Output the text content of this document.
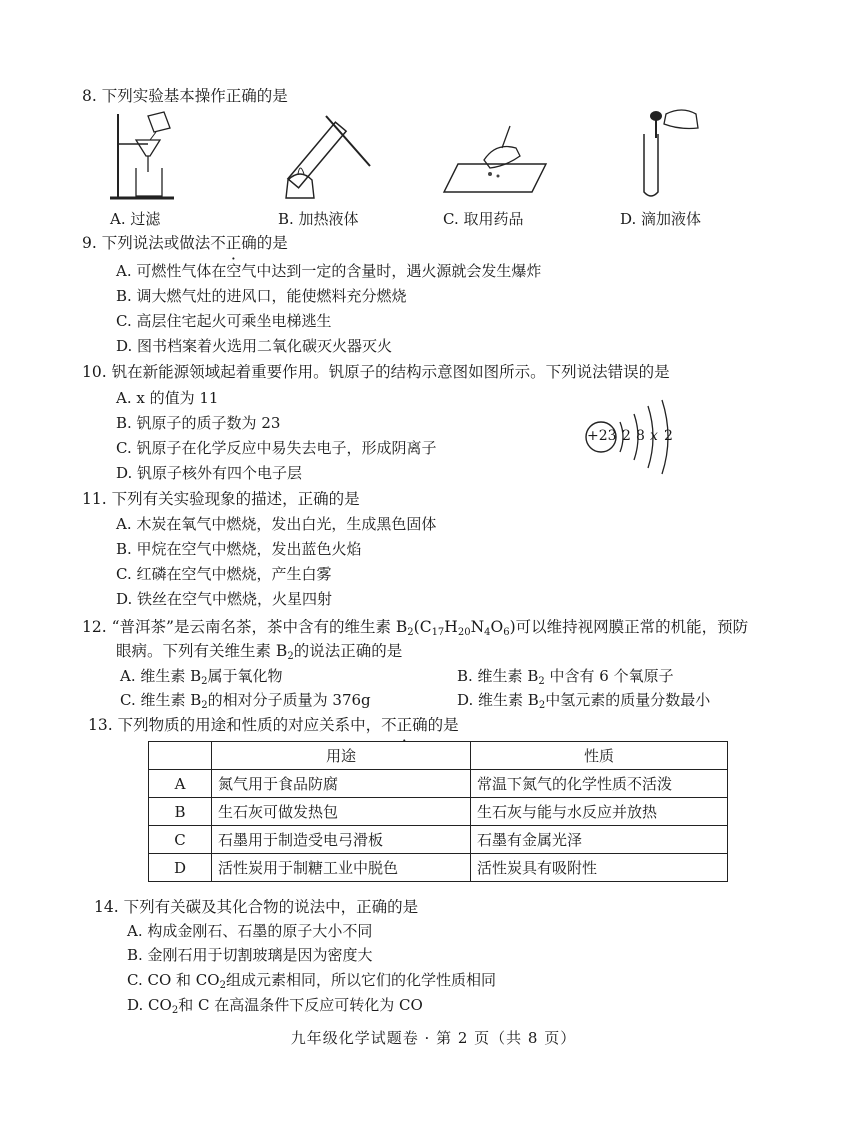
8. 下列实验基本操作正确的是
A. 过滤	B. 加热液体	C. 取用药品	D. 滴加液体
9. 下列说法或做法不正确的是
A. 可燃性气体在空气中达到一定的含量时，遇火源就会发生爆炸
B. 调大燃气灶的进风口，能使燃料充分燃烧
C. 高层住宅起火可乘坐电梯逃生
D. 图书档案着火选用二氧化碳灭火器灭火
10. 钒在新能源领域起着重要作用。钒原子的结构示意图如图所示。下列说法错误的是
A. x 的值为 11
B. 钒原子的质子数为 23
C. 钒原子在化学反应中易失去电子，形成阴离子
D. 钒原子核外有四个电子层
+23 2 8 x 2
11. 下列有关实验现象的描述，正确的是
A. 木炭在氧气中燃烧，发出白光，生成黑色固体
B. 甲烷在空气中燃烧，发出蓝色火焰
C. 红磷在空气中燃烧，产生白雾
D. 铁丝在空气中燃烧，火星四射
12. “普洱茶”是云南名茶，茶中含有的维生素 $B_2(C_{17}H_{20}N_4O_6)$可以维持视网膜正常的机能，预防
眼病。下列有关维生素 $B_2$的说法正确的是
A. 维生素 $B_2$属于氧化物	B. 维生素 $B_2$ 中含有 6 个氧原子
C. 维生素 $B_2$的相对分子质量为 376g	D. 维生素 $B_2$中氢元素的质量分数最小
13. 下列物质的用途和性质的对应关系中，不正确的是
	用途	性质
A	氮气用于食品防腐	常温下氮气的化学性质不活泼
B	生石灰可做发热包	生石灰与能与水反应并放热
C	石墨用于制造受电弓滑板	石墨有金属光泽
D	活性炭用于制糖工业中脱色	活性炭具有吸附性
14. 下列有关碳及其化合物的说法中，正确的是
A. 构成金刚石、石墨的原子大小不同
B. 金刚石用于切割玻璃是因为密度大
C. CO 和 $CO_2$组成元素相同，所以它们的化学性质相同
D. $CO_2$和 C 在高温条件下反应可转化为 CO
九年级化学试题卷 · 第 2 页（共 8 页）
